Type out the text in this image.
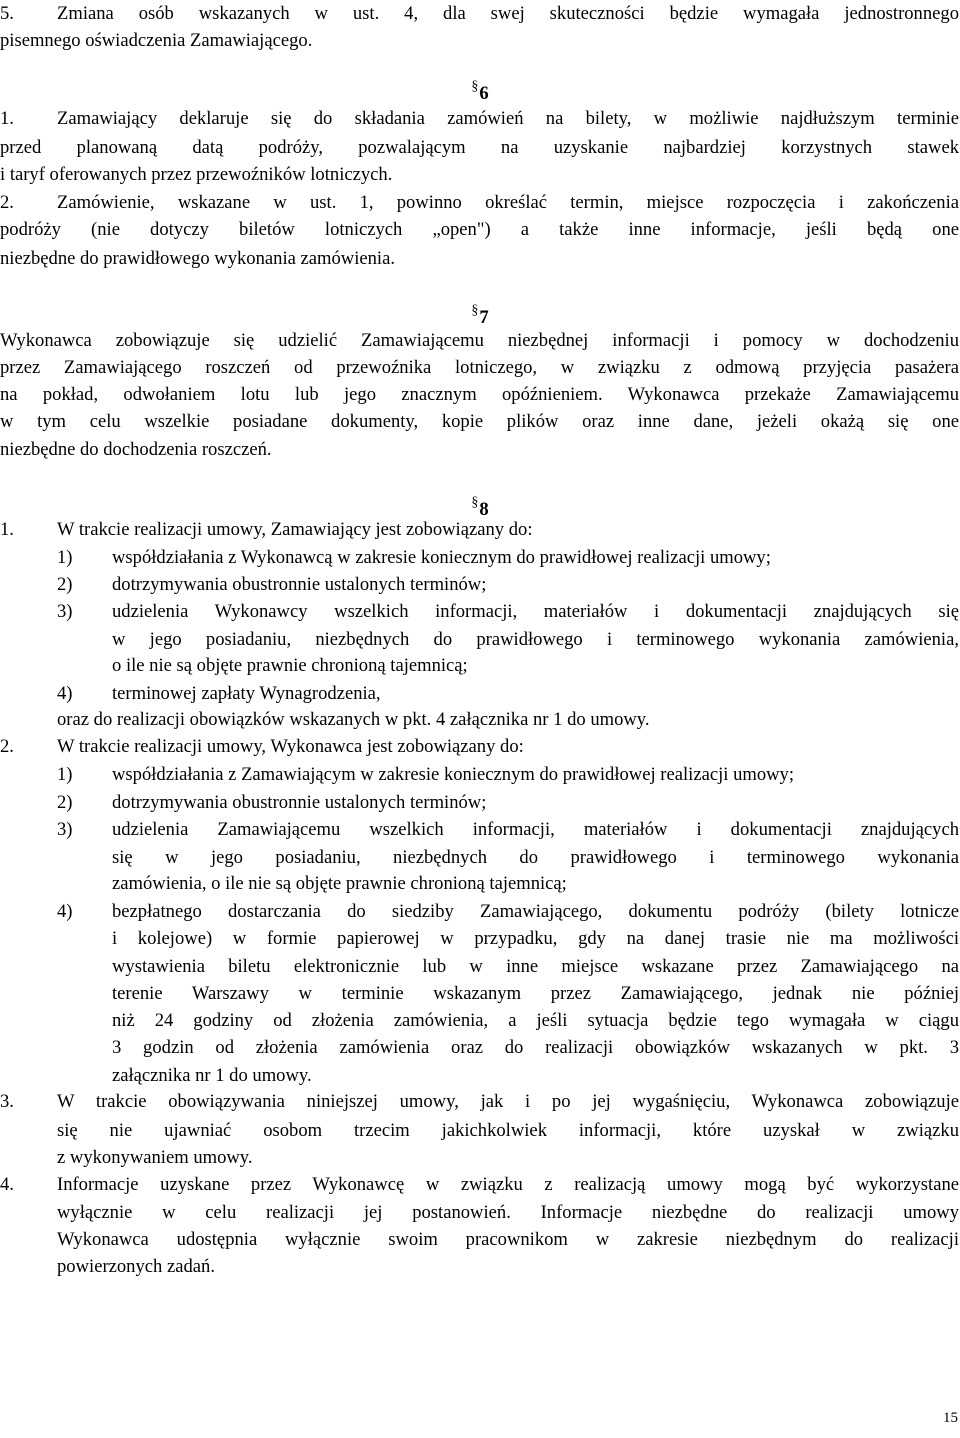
5. Zmiana osób wskazanych w ust. 4, dla swej skuteczności będzie wymagała jednostronnego
pisemnego oświadczenia Zamawiającego.
§6
1. Zamawiający deklaruje się do składania zamówień na bilety, w możliwie najdłuższym terminie
przed planowaną datą podróży, pozwalającym na uzyskanie najbardziej korzystnych stawek
i taryf oferowanych przez przewoźników lotniczych.
2. Zamówienie, wskazane w ust. 1, powinno określać termin, miejsce rozpoczęcia i zakończenia
podróży (nie dotyczy biletów lotniczych „open") a także inne informacje, jeśli będą one
niezbędne do prawidłowego wykonania zamówienia.
§7
Wykonawca zobowiązuje się udzielić Zamawiającemu niezbędnej informacji i pomocy w dochodzeniu
przez Zamawiającego roszczeń od przewoźnika lotniczego, w związku z odmową przyjęcia pasażera
na pokład, odwołaniem lotu lub jego znacznym opóźnieniem. Wykonawca przekaże Zamawiającemu
w tym celu wszelkie posiadane dokumenty, kopie plików oraz inne dane, jeżeli okażą się one
niezbędne do dochodzenia roszczeń.
§8
1. W trakcie realizacji umowy, Zamawiający jest zobowiązany do:
1) współdziałania z Wykonawcą w zakresie koniecznym do prawidłowej realizacji umowy;
2) dotrzymywania obustronnie ustalonych terminów;
3) udzielenia Wykonawcy wszelkich informacji, materiałów i dokumentacji znajdujących się
w jego posiadaniu, niezbędnych do prawidłowego i terminowego wykonania zamówienia,
o ile nie są objęte prawnie chronioną tajemnicą;
4) terminowej zapłaty Wynagrodzenia,
oraz do realizacji obowiązków wskazanych w pkt. 4 załącznika nr 1 do umowy.
2. W trakcie realizacji umowy, Wykonawca jest zobowiązany do:
1) współdziałania z Zamawiającym w zakresie koniecznym do prawidłowej realizacji umowy;
2) dotrzymywania obustronnie ustalonych terminów;
3) udzielenia Zamawiającemu wszelkich informacji, materiałów i dokumentacji znajdujących
się w jego posiadaniu, niezbędnych do prawidłowego i terminowego wykonania
zamówienia, o ile nie są objęte prawnie chronioną tajemnicą;
4) bezpłatnego dostarczania do siedziby Zamawiającego, dokumentu podróży (bilety lotnicze
i kolejowe) w formie papierowej w przypadku, gdy na danej trasie nie ma możliwości
wystawienia biletu elektronicznie lub w inne miejsce wskazane przez Zamawiającego na
terenie Warszawy w terminie wskazanym przez Zamawiającego, jednak nie później
niż 24 godziny od złożenia zamówienia, a jeśli sytuacja będzie tego wymagała w ciągu
3 godzin od złożenia zamówienia oraz do realizacji obowiązków wskazanych w pkt. 3
załącznika nr 1 do umowy.
3. W trakcie obowiązywania niniejszej umowy, jak i po jej wygaśnięciu, Wykonawca zobowiązuje
się nie ujawniać osobom trzecim jakichkolwiek informacji, które uzyskał w związku
z wykonywaniem umowy.
4. Informacje uzyskane przez Wykonawcę w związku z realizacją umowy mogą być wykorzystane
wyłącznie w celu realizacji jej postanowień. Informacje niezbędne do realizacji umowy
Wykonawca udostępnia wyłącznie swoim pracownikom w zakresie niezbędnym do realizacji
powierzonych zadań.
15
